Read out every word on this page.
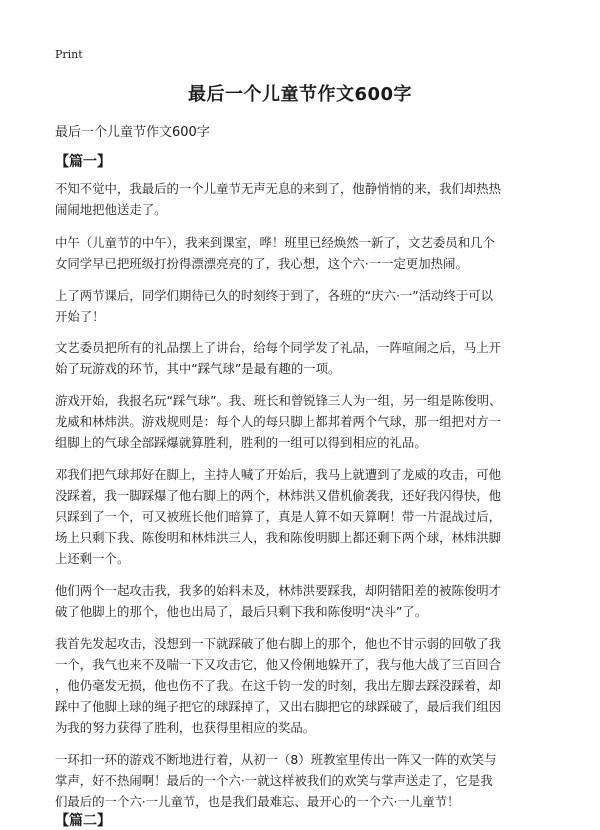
Print
最后一个儿童节作文600字
最后一个儿童节作文600字
【篇一】
不知不觉中，我最后的一个儿童节无声无息的来到了，他静悄悄的来，我们却热热
闹闹地把他送走了。
中午（儿童节的中午），我来到课室，哗！班里已经焕然一新了，文艺委员和几个
女同学早已把班级打扮得漂漂亮亮的了，我心想，这个六·一一定更加热闹。
上了两节课后，同学们期待已久的时刻终于到了，各班的“庆六·一”活动终于可以
开始了！
文艺委员把所有的礼品摆上了讲台，给每个同学发了礼品，一阵喧闹之后，马上开
始了玩游戏的环节，其中“踩气球”是最有趣的一项。
游戏开始，我报名玩“踩气球”。我、班长和曾锐锋三人为一组，另一组是陈俊明、
龙威和林炜洪。游戏规则是：每个人的每只脚上都邦着两个气球，那一组把对方一
组脚上的气球全部踩爆就算胜利，胜利的一组可以得到相应的礼品。
邓我们把气球邦好在脚上，主持人喊了开始后，我马上就遭到了龙威的攻击，可他
没踩着，我一脚踩爆了他右脚上的两个，林炜洪又借机偷袭我，还好我闪得快，他
只踩到了一个，可又被班长他们暗算了，真是人算不如天算啊！带一片混战过后，
场上只剩下我、陈俊明和林炜洪三人，我和陈俊明脚上都还剩下两个球，林炜洪脚
上还剩一个。
他们两个一起攻击我，我多的始料未及，林炜洪要踩我，却阴错阳差的被陈俊明才
破了他脚上的那个，他也出局了，最后只剩下我和陈俊明“决斗”了。
我首先发起攻击，没想到一下就踩破了他右脚上的那个，他也不甘示弱的回敬了我
一个，我气也来不及喘一下又攻击它，他又伶俐地躲开了，我与他大战了三百回合
，他仍毫发无损，他也伤不了我。在这千钧一发的时刻，我出左脚去踩没踩着，却
踩中了他脚上球的绳子把它的球踩掉了，又出右脚把它的球踩破了，最后我们组因
为我的努力获得了胜利，也获得里相应的奖品。
一环扣一环的游戏不断地进行着，从初一（8）班教室里传出一阵又一阵的欢笑与
掌声，好不热闹啊！最后的一个六·一就这样被我们的欢笑与掌声送走了，它是我
们最后的一个六·一儿童节，也是我们最难忘、最开心的一个六·一儿童节！
【篇二】
